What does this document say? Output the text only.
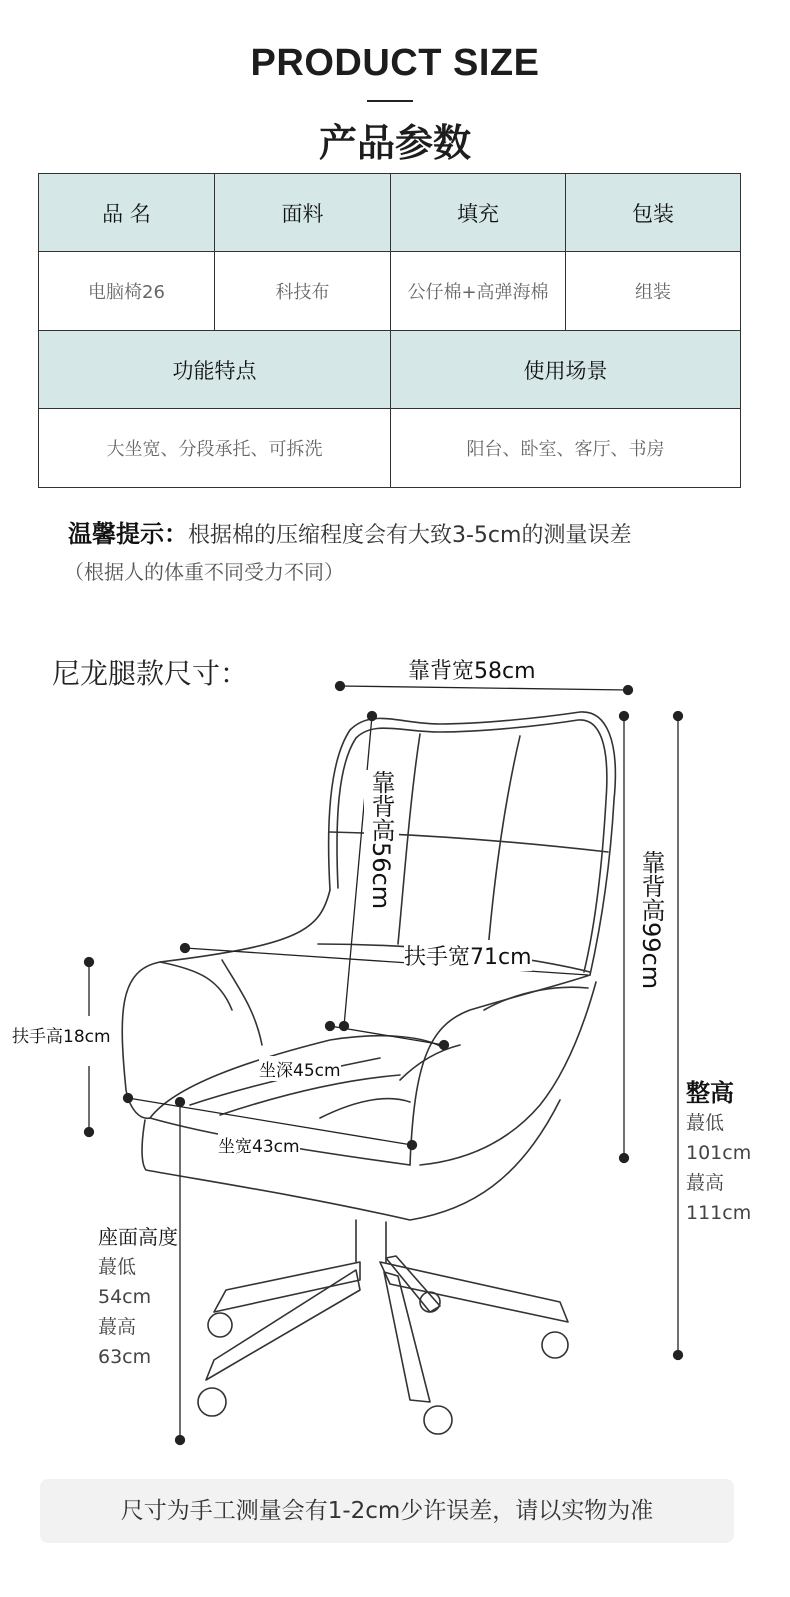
PRODUCT SIZE
产品参数
品 名	面料	填充	包装
电脑椅26	科技布	公仔棉+高弹海棉	组装
功能特点		使用场景	
大坐宽、分段承托、可拆洗		阳台、卧室、客厅、书房	
温馨提示：根据棉的压缩程度会有大致3-5cm的测量误差
（根据人的体重不同受力不同）
尼龙腿款尺寸：	靠背宽58cm
靠背高56cm
靠背高99cm
扶手宽71cm
扶手高18cm
坐深45cm
坐宽43cm
整高
蕞低
101cm
蕞高
111cm
座面高度
蕞低
54cm
蕞高
63cm
尺寸为手工测量会有1-2cm少许误差，请以实物为准
